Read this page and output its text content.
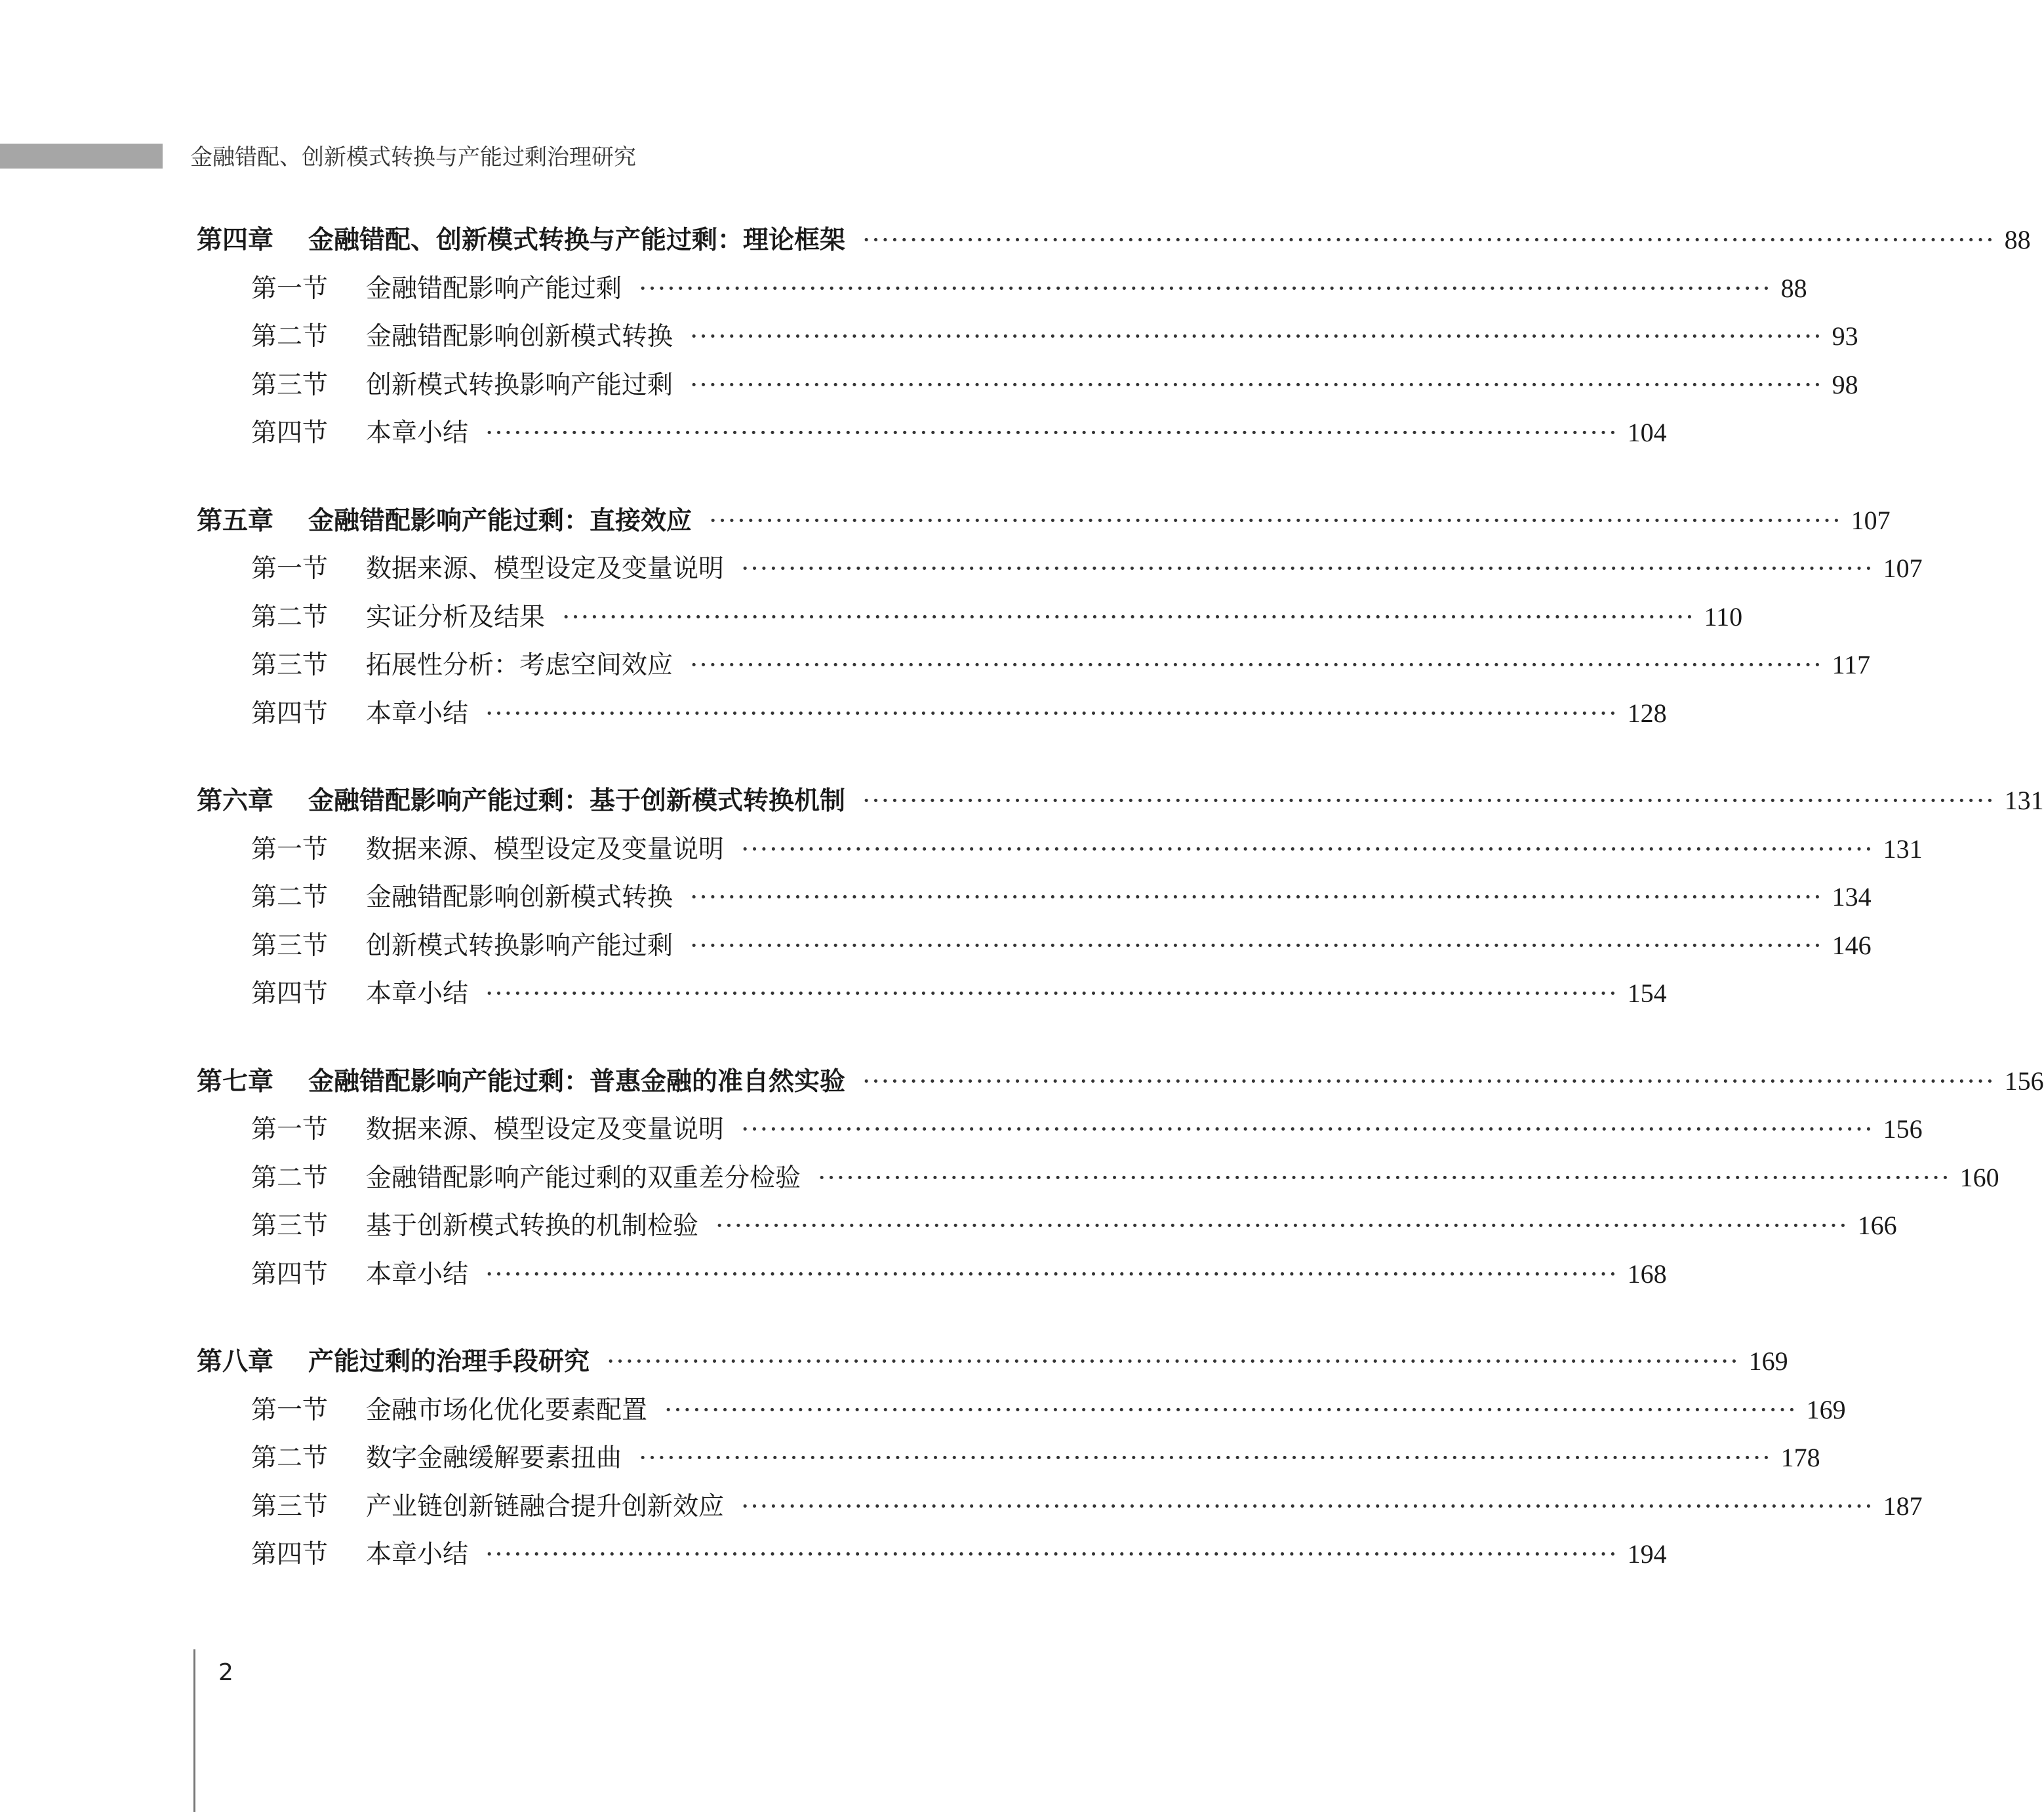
金融错配、创新模式转换与产能过剩治理研究
第四章	金融错配、创新模式转换与产能过剩：理论框架 ························································································································ 88
第一节	金融错配影响产能过剩 ························································································································ 88
第二节	金融错配影响创新模式转换 ························································································································ 93
第三节	创新模式转换影响产能过剩 ························································································································ 98
第四节	本章小结 ························································································································ 104
第五章	金融错配影响产能过剩：直接效应 ························································································································ 107
第一节	数据来源、模型设定及变量说明 ························································································································ 107
第二节	实证分析及结果 ························································································································ 110
第三节	拓展性分析：考虑空间效应 ························································································································ 117
第四节	本章小结 ························································································································ 128
第六章	金融错配影响产能过剩：基于创新模式转换机制 ························································································································ 131
第一节	数据来源、模型设定及变量说明 ························································································································ 131
第二节	金融错配影响创新模式转换 ························································································································ 134
第三节	创新模式转换影响产能过剩 ························································································································ 146
第四节	本章小结 ························································································································ 154
第七章	金融错配影响产能过剩：普惠金融的准自然实验 ························································································································ 156
第一节	数据来源、模型设定及变量说明 ························································································································ 156
第二节	金融错配影响产能过剩的双重差分检验 ························································································································ 160
第三节	基于创新模式转换的机制检验 ························································································································ 166
第四节	本章小结 ························································································································ 168
第八章	产能过剩的治理手段研究 ························································································································ 169
第一节	金融市场化优化要素配置 ························································································································ 169
第二节	数字金融缓解要素扭曲 ························································································································ 178
第三节	产业链创新链融合提升创新效应 ························································································································ 187
第四节	本章小结 ························································································································ 194
2
